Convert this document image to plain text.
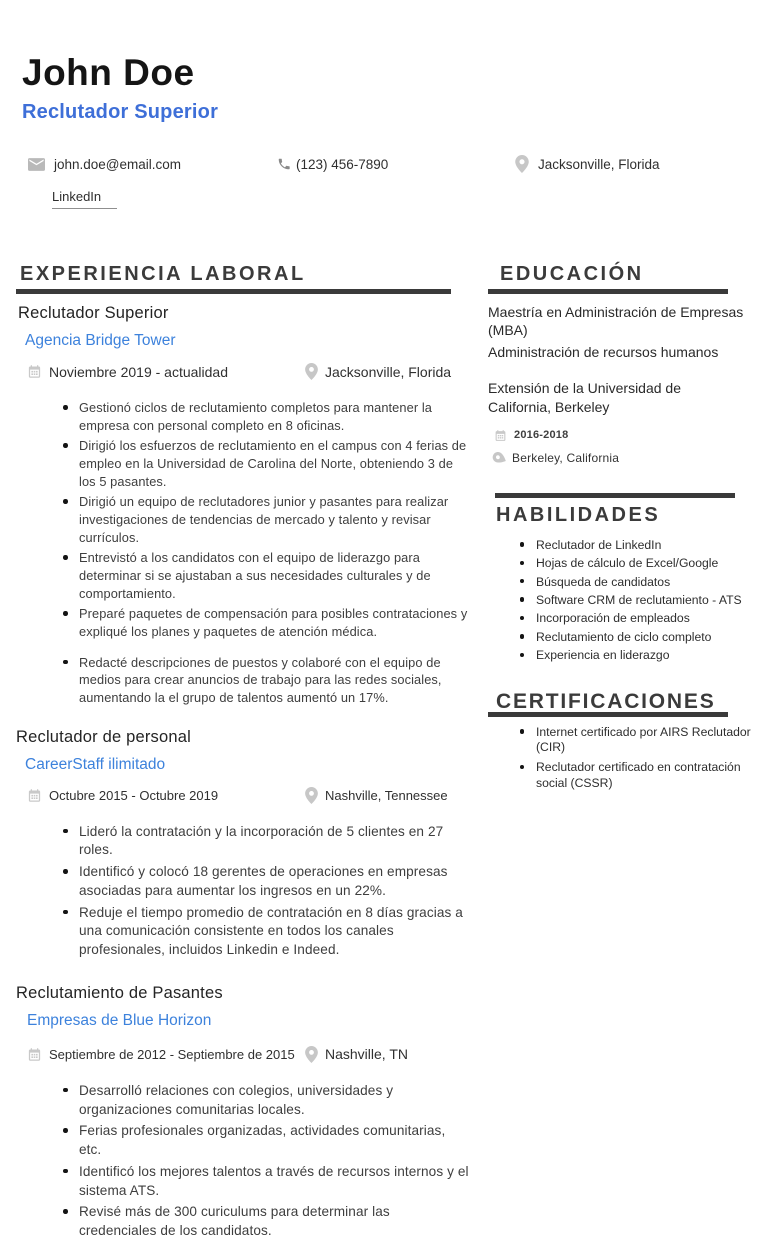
John Doe
Reclutador Superior
john.doe@email.com	(123) 456-7890	Jacksonville, Florida
LinkedIn
EXPERIENCIA LABORAL
Reclutador Superior
Agencia Bridge Tower
Noviembre 2019 - actualidad	Jacksonville, Florida
Gestionó ciclos de reclutamiento completos para mantener la empresa con personal completo en 8 oficinas.
Dirigió los esfuerzos de reclutamiento en el campus con 4 ferias de empleo en la Universidad de Carolina del Norte, obteniendo 3 de los 5 pasantes.
Dirigió un equipo de reclutadores junior y pasantes para realizar investigaciones de tendencias de mercado y talento y revisar currículos.
Entrevistó a los candidatos con el equipo de liderazgo para determinar si se ajustaban a sus necesidades culturales y de comportamiento.
Preparé paquetes de compensación para posibles contrataciones y expliqué los planes y paquetes de atención médica.
Redacté descripciones de puestos y colaboré con el equipo de medios para crear anuncios de trabajo para las redes sociales, aumentando la el grupo de talentos aumentó un 17%.
Reclutador de personal
CareerStaff ilimitado
Octubre 2015 - Octubre 2019	Nashville, Tennessee
Lideró la contratación y la incorporación de 5 clientes en 27 roles.
Identificó y colocó 18 gerentes de operaciones en empresas asociadas para aumentar los ingresos en un 22%.
Reduje el tiempo promedio de contratación en 8 días gracias a una comunicación consistente en todos los canales profesionales, incluidos Linkedin e Indeed.
Reclutamiento de Pasantes
Empresas de Blue Horizon
Septiembre de 2012 - Septiembre de 2015 Nashville, TN
Desarrolló relaciones con colegios, universidades y organizaciones comunitarias locales.
Ferias profesionales organizadas, actividades comunitarias, etc.
Identificó los mejores talentos a través de recursos internos y el sistema ATS.
Revisé más de 300 curiculums para determinar las credenciales de los candidatos.
EDUCACIÓN
Maestría en Administración de Empresas (MBA)
Administración de recursos humanos
Extensión de la Universidad de California, Berkeley
2016-2018
Berkeley, California
HABILIDADES
Reclutador de LinkedIn
Hojas de cálculo de Excel/Google
Búsqueda de candidatos
Software CRM de reclutamiento - ATS
Incorporación de empleados
Reclutamiento de ciclo completo
Experiencia en liderazgo
CERTIFICACIONES
Internet certificado por AIRS Reclutador (CIR)
Reclutador certificado en contratación social (CSSR)
